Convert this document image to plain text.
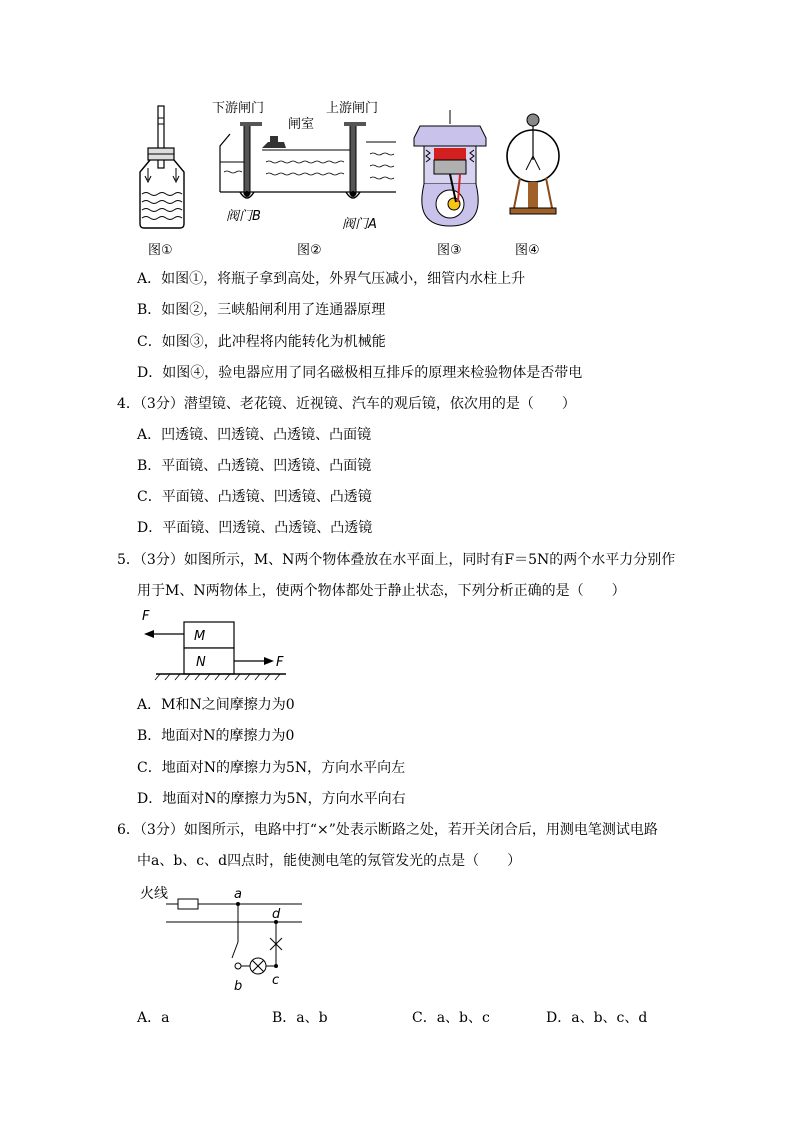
下游闸门	上游闸门
闸室
阀门B
阀门A
图①	图②	图③	图④
A．如图①，将瓶子拿到高处，外界气压减小，细管内水柱上升
B．如图②，三峡船闸利用了连通器原理
C．如图③，此冲程将内能转化为机械能
D．如图④，验电器应用了同名磁极相互排斥的原理来检验物体是否带电
4．（3分）潜望镜、老花镜、近视镜、汽车的观后镜，依次用的是（　　）
A．凹透镜、凹透镜、凸透镜、凸面镜
B．平面镜、凸透镜、凹透镜、凸面镜
C．平面镜、凸透镜、凹透镜、凸透镜
D．平面镜、凹透镜、凸透镜、凸透镜
5．（3分）如图所示，M、N两个物体叠放在水平面上，同时有F＝5N的两个水平力分别作
用于M、N两物体上，使两个物体都处于静止状态，下列分析正确的是（　　）
F
M
N	F
A．M和N之间摩擦力为0
B．地面对N的摩擦力为0
C．地面对N的摩擦力为5N，方向水平向左
D．地面对N的摩擦力为5N，方向水平向右
6．（3分）如图所示，电路中打“×”处表示断路之处，若开关闭合后，用测电笔测试电路
中a、b、c、d四点时，能使测电笔的氖管发光的点是（　　）
火线	a
b c
d
A．a	B．a、b	C．a、b、c	D．a、b、c、d
